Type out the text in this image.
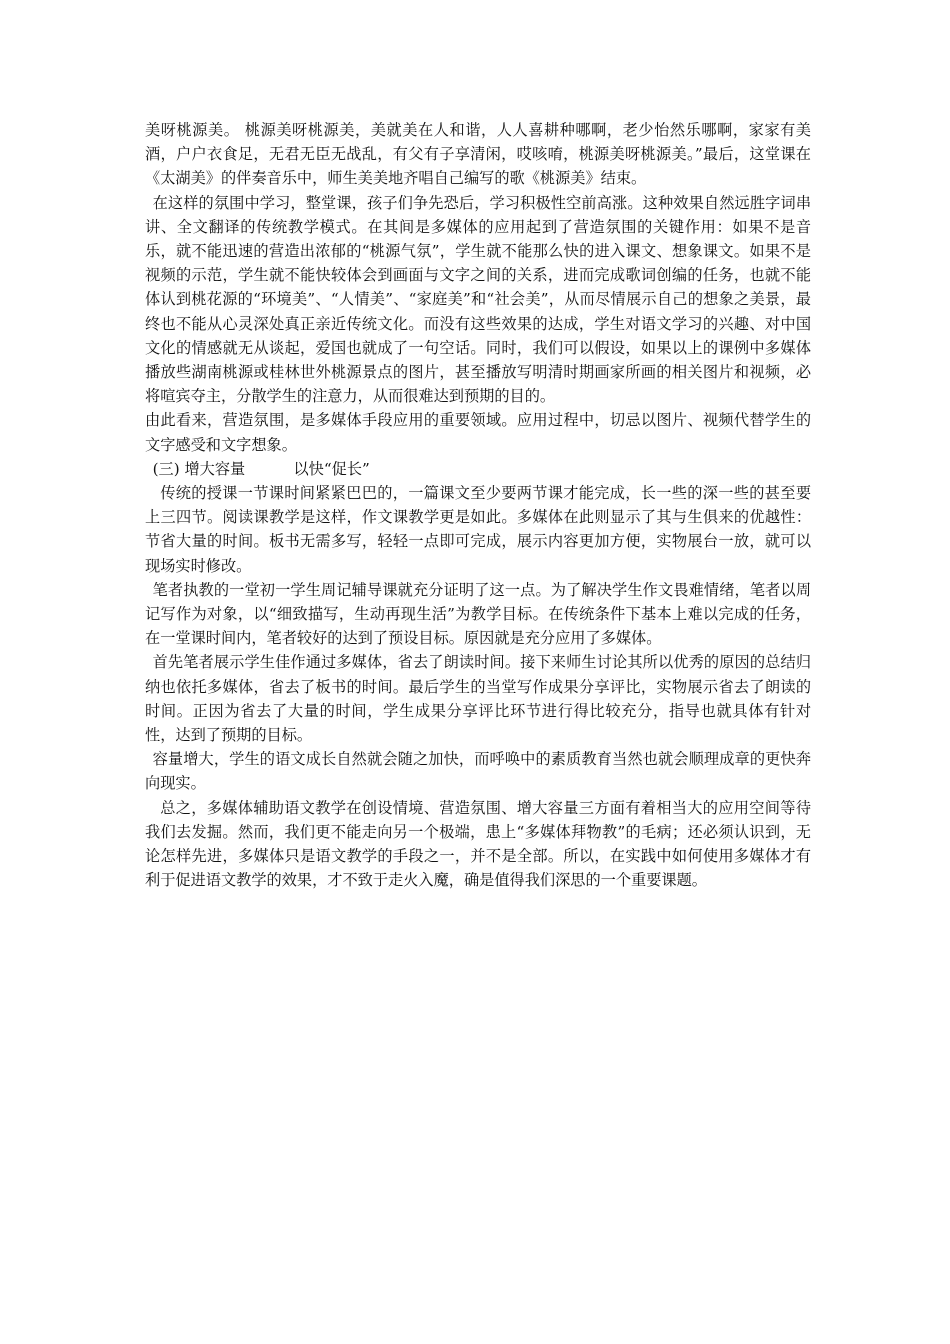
美呀桃源美。 桃源美呀桃源美，美就美在人和谐，人人喜耕种哪啊，老少怡然乐哪啊，家家有美酒，户户衣食足，无君无臣无战乱，有父有子享清闲，哎咳唷，桃源美呀桃源美。”最后，这堂课在《太湖美》的伴奏音乐中，师生美美地齐唱自己编写的歌《桃源美》结束。

在这样的氛围中学习，整堂课，孩子们争先恐后，学习积极性空前高涨。这种效果自然远胜字词串讲、全文翻译的传统教学模式。在其间是多媒体的应用起到了营造氛围的关键作用：如果不是音乐，就不能迅速的营造出浓郁的“桃源气氛”，学生就不能那么快的进入课文、想象课文。如果不是视频的示范，学生就不能快较体会到画面与文字之间的关系，进而完成歌词创编的任务，也就不能体认到桃花源的“环境美”、“人情美”、“家庭美”和“社会美”，从而尽情展示自己的想象之美景，最终也不能从心灵深处真正亲近传统文化。而没有这些效果的达成，学生对语文学习的兴趣、对中国文化的情感就无从谈起，爱国也就成了一句空话。同时，我们可以假设，如果以上的课例中多媒体播放些湖南桃源或桂林世外桃源景点的图片，甚至播放写明清时期画家所画的相关图片和视频，必将喧宾夺主，分散学生的注意力，从而很难达到预期的目的。

由此看来，营造氛围，是多媒体手段应用的重要领域。应用过程中，切忌以图片、视频代替学生的文字感受和文字想象。

(三) 增大容量          以快“促长”

传统的授课一节课时间紧紧巴巴的，一篇课文至少要两节课才能完成，长一些的深一些的甚至要上三四节。阅读课教学是这样，作文课教学更是如此。多媒体在此则显示了其与生俱来的优越性：节省大量的时间。板书无需多写，轻轻一点即可完成，展示内容更加方便，实物展台一放，就可以现场实时修改。

笔者执教的一堂初一学生周记辅导课就充分证明了这一点。为了解决学生作文畏难情绪，笔者以周记写作为对象，以“细致描写，生动再现生活”为教学目标。在传统条件下基本上难以完成的任务，在一堂课时间内，笔者较好的达到了预设目标。原因就是充分应用了多媒体。

首先笔者展示学生佳作通过多媒体，省去了朗读时间。接下来师生讨论其所以优秀的原因的总结归纳也依托多媒体，省去了板书的时间。最后学生的当堂写作成果分享评比，实物展示省去了朗读的时间。正因为省去了大量的时间，学生成果分享评比环节进行得比较充分，指导也就具体有针对性，达到了预期的目标。

容量增大，学生的语文成长自然就会随之加快，而呼唤中的素质教育当然也就会顺理成章的更快奔向现实。

总之，多媒体辅助语文教学在创设情境、营造氛围、增大容量三方面有着相当大的应用空间等待我们去发掘。然而，我们更不能走向另一个极端，患上“多媒体拜物教”的毛病；还必须认识到，无论怎样先进，多媒体只是语文教学的手段之一，并不是全部。所以，在实践中如何使用多媒体才有利于促进语文教学的效果，才不致于走火入魔，确是值得我们深思的一个重要课题。
